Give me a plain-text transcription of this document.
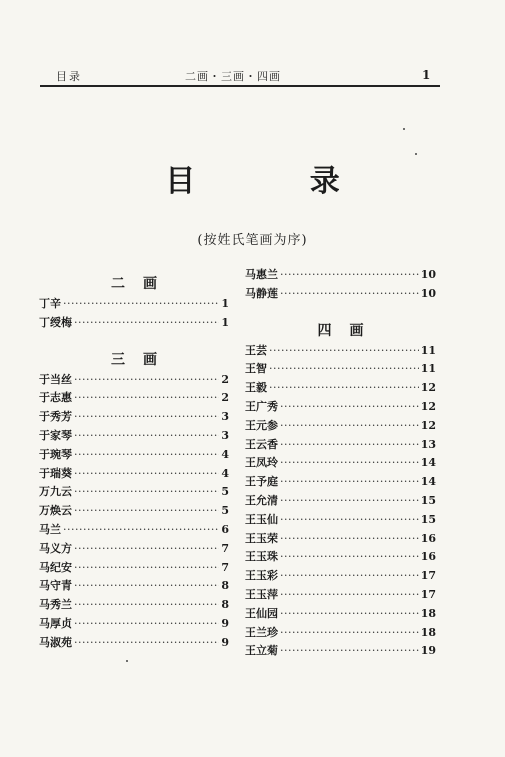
目录	二画・三画・四画	1
目 录
(按姓氏笔画为序)
二 画
丁辛 ·····	1
丁绶梅 ·····	1
三 画
于当丝 ·····	2
于志惠 ·····	2
于秀芳 ·····	3
于家琴 ·····	3
于琬琴 ·····	4
于瑞葵 ·····	4
万九云 ·····	5
万焕云 ·····	5
马兰 ·····	6
马义方 ·····	7
马纪安 ·····	7
马守青 ·····	8
马秀兰 ·····	8
马厚贞 ·····	9
马淑苑 ·····	9
马惠兰 ·····	10
马静莲 ·····	10
四 画
王芸 ·····	11
王智 ·····	11
王毅 ·····	12
王广秀 ·····	12
王元参 ·····	12
王云香 ·····	13
王凤玲 ·····	14
王予庭 ·····	14
王允清 ·····	15
王玉仙 ·····	15
王玉荣 ·····	16
王玉珠 ·····	16
王玉彩 ·····	17
王玉萍 ·····	17
王仙园 ·····	18
王兰珍 ·····	18
王立菊 ·····	19
